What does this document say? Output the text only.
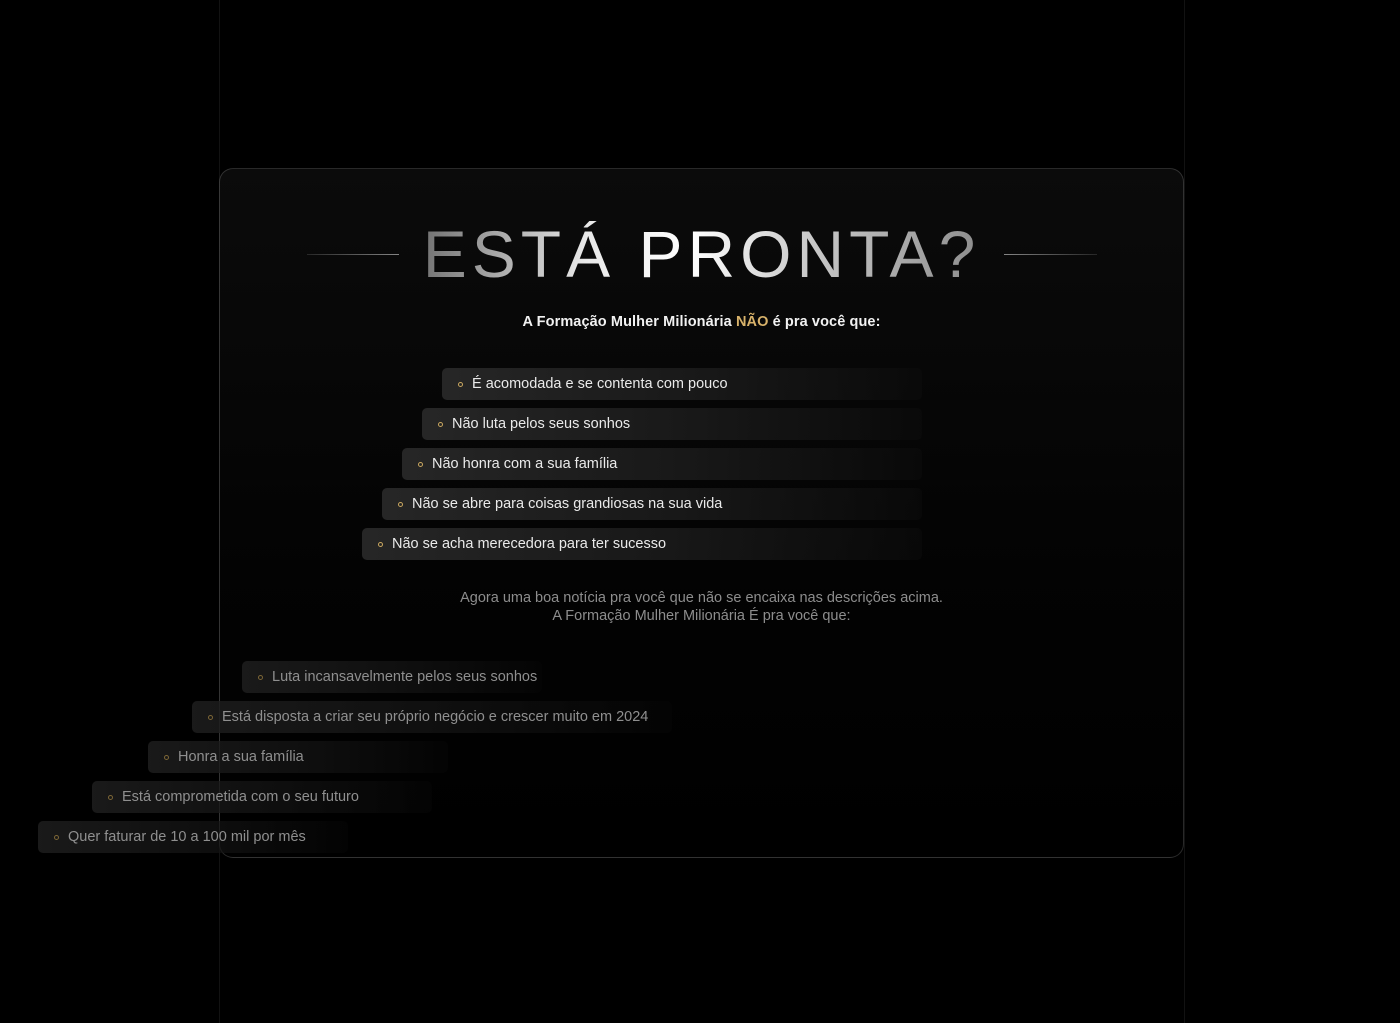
ESTÁ PRONTA?
A Formação Mulher Milionária NÃO é pra você que:
É acomodada e se contenta com pouco
Não luta pelos seus sonhos
Não honra com a sua família
Não se abre para coisas grandiosas na sua vida
Não se acha merecedora para ter sucesso
Agora uma boa notícia pra você que não se encaixa nas descrições acima.
A Formação Mulher Milionária É pra você que:
Luta incansavelmente pelos seus sonhos
Está disposta a criar seu próprio negócio e crescer muito em 2024
Honra a sua família
Está comprometida com o seu futuro
Quer faturar de 10 a 100 mil por mês
